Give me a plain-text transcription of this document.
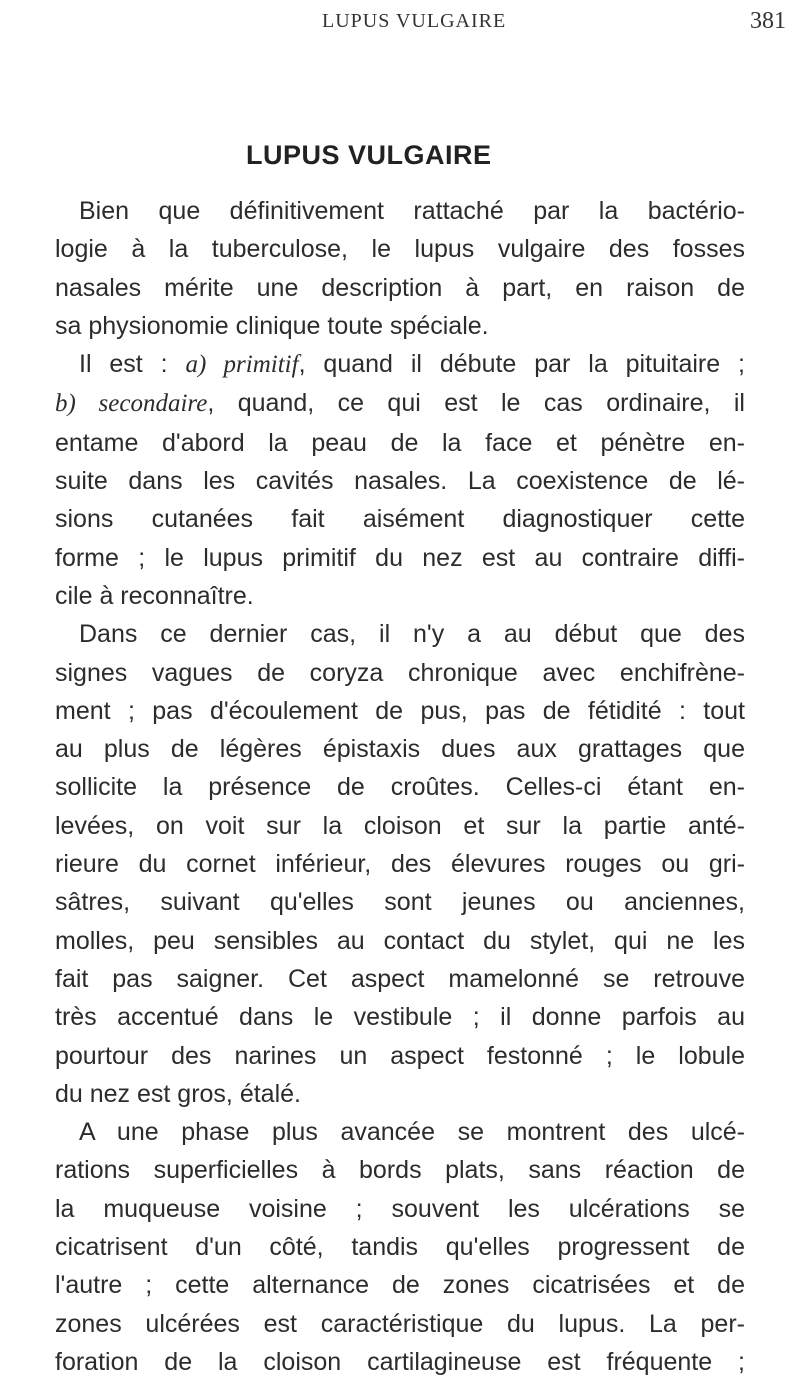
LUPUS VULGAIRE	381
LUPUS VULGAIRE
Bien que définitivement rattaché par la bactério-
logie à la tuberculose, le lupus vulgaire des fosses
nasales mérite une description à part, en raison de
sa physionomie clinique toute spéciale.
Il est : a) primitif, quand il débute par la pituitaire ;
b) secondaire, quand, ce qui est le cas ordinaire, il
entame d'abord la peau de la face et pénètre en-
suite dans les cavités nasales. La coexistence de lé-
sions cutanées fait aisément diagnostiquer cette
forme ; le lupus primitif du nez est au contraire diffi-
cile à reconnaître.
Dans ce dernier cas, il n'y a au début que des
signes vagues de coryza chronique avec enchifrène-
ment ; pas d'écoulement de pus, pas de fétidité : tout
au plus de légères épistaxis dues aux grattages que
sollicite la présence de croûtes. Celles-ci étant en-
levées, on voit sur la cloison et sur la partie anté-
rieure du cornet inférieur, des élevures rouges ou gri-
sâtres, suivant qu'elles sont jeunes ou anciennes,
molles, peu sensibles au contact du stylet, qui ne les
fait pas saigner. Cet aspect mamelonné se retrouve
très accentué dans le vestibule ; il donne parfois au
pourtour des narines un aspect festonné ; le lobule
du nez est gros, étalé.
A une phase plus avancée se montrent des ulcé-
rations superficielles à bords plats, sans réaction de
la muqueuse voisine ; souvent les ulcérations se
cicatrisent d'un côté, tandis qu'elles progressent de
l'autre ; cette alternance de zones cicatrisées et de
zones ulcérées est caractéristique du lupus. La per-
foration de la cloison cartilagineuse est fréquente ;
